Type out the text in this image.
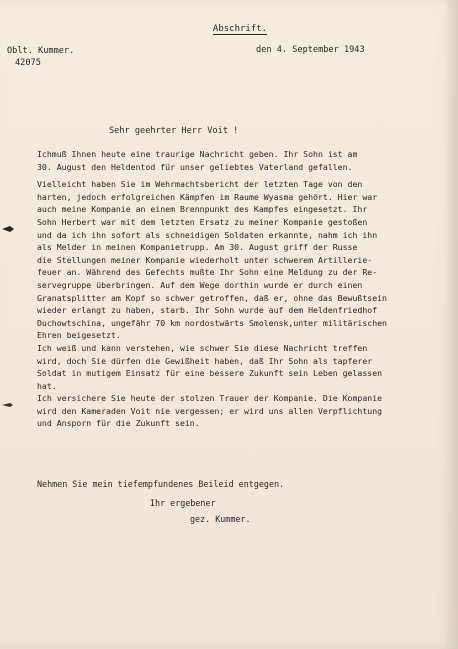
Abschrift.
Oblt. Kummer.
42075
den 4. September 1943
Sehr geehrter Herr Voit !
Ichmuß Ihnen heute eine traurige Nachricht geben. Ihr Sohn ist am
30. August den Heldentod für unser geliebtes Vaterland gefallen.
Vielleicht haben Sie im Wehrmachtsbericht der letzten Tage von den
harten, jedoch erfolgreichen Kämpfen im Raume Wyasma gehört. Hier war
auch meine Kompanie an einem Brennpunkt des Kampfes eingesetzt. Ihr
Sohn Herbert war mit dem letzten Ersatz zu meiner Kompanie gestoßen
und da ich ihn sofort als schneidigen Soldaten erkannte, nahm ich ihn
als Melder in meinen Kompanietrupp. Am 30. August griff der Russe
die Stellungen meiner Kompanie wiederholt unter schwerem Artillerie-
feuer an. Während des Gefechts mußte Ihr Sohn eine Meldung zu der Re-
servegruppe überbringen. Auf dem Wege dorthin wurde er durch einen
Granatsplitter am Kopf so schwer getroffen, daß er, ohne das Bewußtsein
wieder erlangt zu haben, starb. Ihr Sohn wurde auf dem Heldenfriedhof
Duchowtschina, ungefähr 70 km nordostwärts Smolensk,unter militärischen
Ehren beigesetzt.
Ich weiß und kann verstehen, wie schwer Sie diese Nachricht treffen
wird, doch Sie dürfen die Gewißheit haben, daß Ihr Sohn als tapferer
Soldat in mutigem Einsatz für eine bessere Zukunft sein Leben gelassen
hat.
Ich versichere Sie heute der stolzen Trauer der Kompanie. Die Kompanie
wird den Kameraden Voit nie vergessen; er wird uns allen Verpflichtung
und Ansporn für die Zukunft sein.
Nehmen Sie mein tiefempfundenes Beileid entgegen.
Ihr ergebener
gez. Kummer.
